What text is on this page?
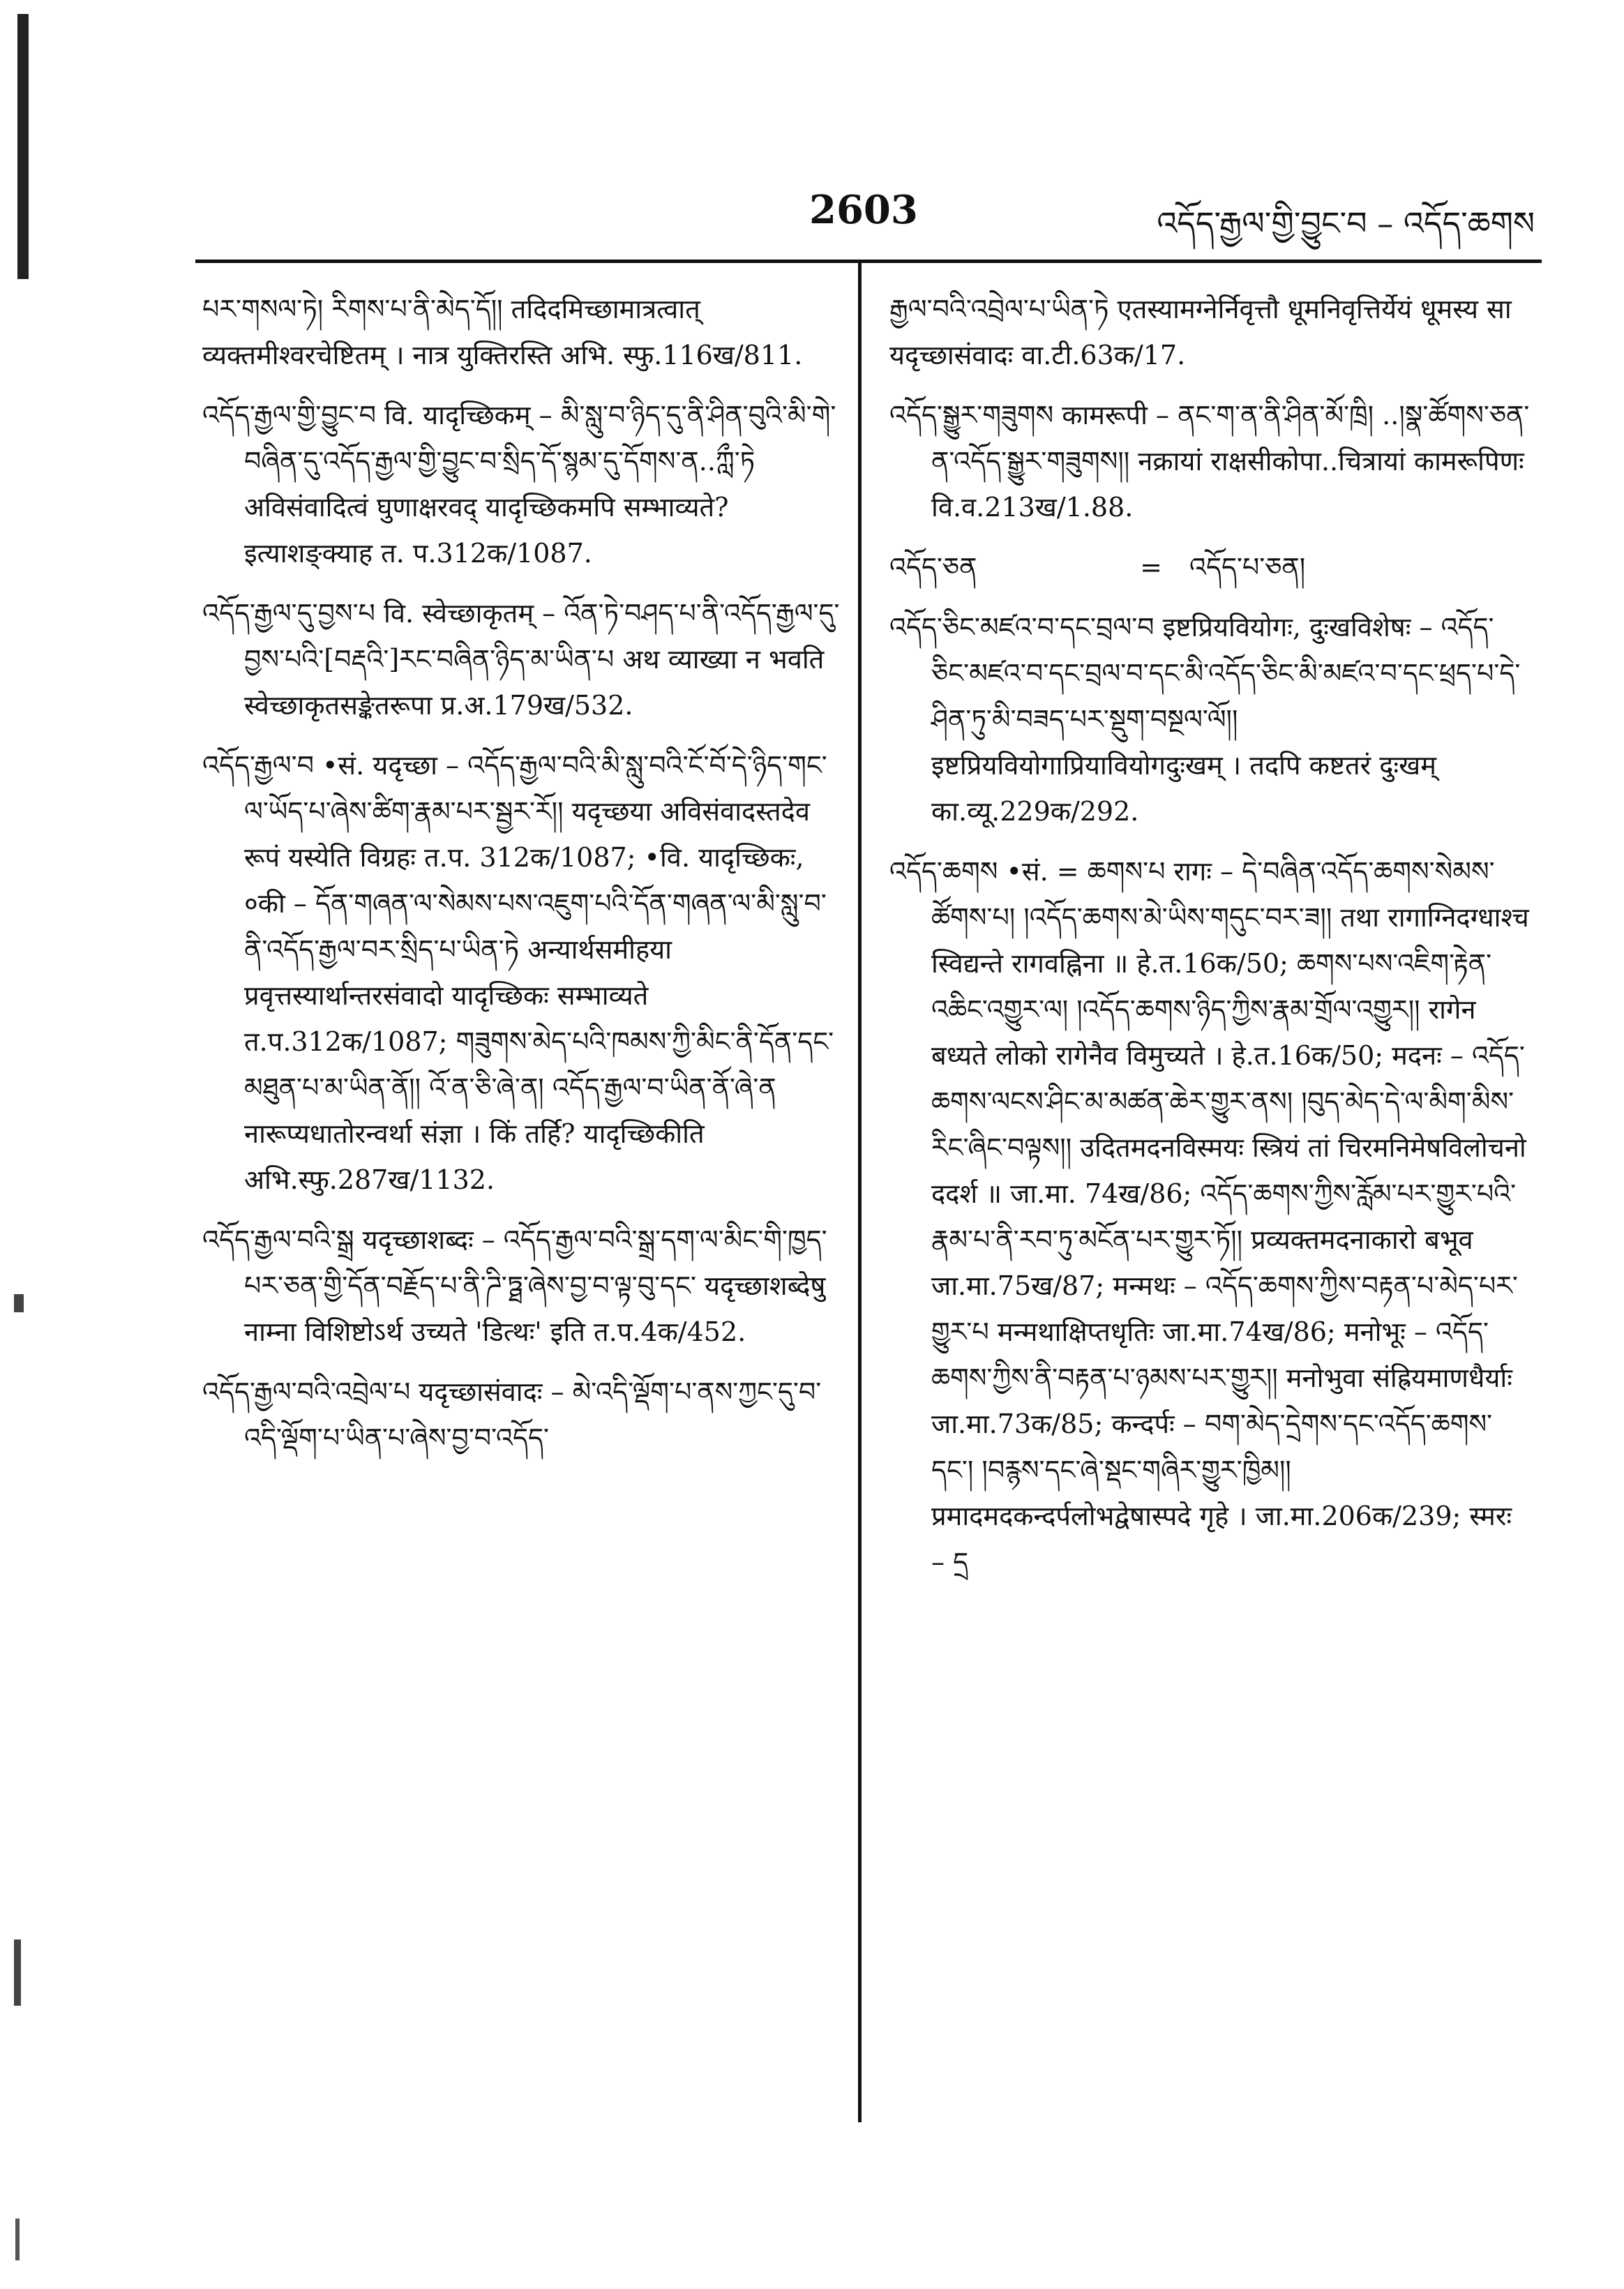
2603	འདོད་རྒྱལ་གྱི་བྱུང་བ – འདོད་ཆགས

པར་གསལ་ཏེ། རིགས་པ་ནི་མེད་དོ།། तदिदमिच्छामात्रत्वात् व्यक्तमीश्वरचेष्टितम् । नात्र युक्तिरस्ति अभि. स्फु.116ख/811.

འདོད་རྒྱལ་གྱི་བྱུང་བ वि. यादृच्छिकम् – མི་སླུ་བ་ཉིད་དུ་ནི་ཤིན་བུའི་མི་གེ་བཞིན་དུ་འདོད་རྒྱལ་གྱི་བྱུང་བ་སྲིད་དོ་སྙམ་དུ་དོགས་ན..ཀླྀ་ཏེ अविसंवादित्वं घुणाक्षरवद् यादृच्छिकमपि सम्भाव्यते? इत्याशङ्क्याह त. प.312क/1087.

འདོད་རྒྱལ་དུ་བྱས་པ वि. स्वेच्छाकृतम् – འོན་ཏེ་བཤད་པ་ནི་འདོད་རྒྱལ་དུ་བྱས་པའི་[བརྡའི་]རང་བཞིན་ཉིད་མ་ཡིན་པ अथ व्याख्या न भवति स्वेच्छाकृतसङ्केतरूपा प्र.अ.179ख/532.

འདོད་རྒྱལ་བ •सं. यदृच्छा – འདོད་རྒྱལ་བའི་མི་སླུ་བའི་ངོ་བོ་དེ་ཉིད་གང་ལ་ཡོད་པ་ཞེས་ཚིག་རྣམ་པར་སྦྱར་རོ།། यदृच्छया अविसंवादस्तदेव रूपं यस्येति विग्रहः त.प. 312क/1087; •वि. यादृच्छिकः, ०की – དོན་གཞན་ལ་སེམས་པས་འཇུག་པའི་དོན་གཞན་ལ་མི་སླུ་བ་ནི་འདོད་རྒྱལ་བར་སྲིད་པ་ཡིན་ཏེ अन्यार्थसमीहया प्रवृत्तस्यार्थान्तरसंवादो यादृच्छिकः सम्भाव्यते त.प.312क/1087; གཟུགས་མེད་པའི་ཁམས་ཀྱི་མིང་ནི་དོན་དང་མཐུན་པ་མ་ཡིན་ནོ།། འོ་ན་ཅི་ཞེ་ན། འདོད་རྒྱལ་བ་ཡིན་ནོ་ཞེ་ན नारूप्यधातोरन्वर्था संज्ञा । किं तर्हि? यादृच्छिकीति अभि.स्फु.287ख/1132.

འདོད་རྒྱལ་བའི་སྒྲ यदृच्छाशब्दः – འདོད་རྒྱལ་བའི་སྒྲ་དག་ལ་མིང་གི་ཁྱད་པར་ཅན་གྱི་དོན་བརྗོད་པ་ནི་ཌི་ཏྠ་ཞེས་བྱ་བ་ལྟ་བུ་དང་ यदृच्छाशब्देषु नाम्ना विशिष्टोऽर्थ उच्यते 'डित्थः' इति त.प.4क/452.

འདོད་རྒྱལ་བའི་འབྲེལ་པ यदृच्छासंवादः – མེ་འདི་ལྡོག་པ་ནས་ཀྱང་དུ་བ་འདི་ལྡོག་པ་ཡིན་པ་ཞེས་བྱ་བ་འདོད་

རྒྱལ་བའི་འབྲེལ་པ་ཡིན་ཏེ एतस्यामग्नेर्निवृत्तौ धूमनिवृत्तिर्येयं धूमस्य सा यदृच्छासंवादः वा.टी.63क/17.

འདོད་སྒྱུར་གཟུགས कामरूपी – ནང་ག་ན་ནི་ཤིན་མོ་ཁྲི། ..།སྣ་ཚོགས་ཅན་ན་འདོད་སྒྱུར་གཟུགས།། नक्रायां राक्षसीकोपा..चित्रायां कामरूपिणः वि.व.213ख/1.88.

འདོད་ཅན	= འདོད་པ་ཅན།

འདོད་ཅིང་མཛའ་བ་དང་བྲལ་བ इष्टप्रियवियोगः, दुःखविशेषः – འདོད་ཅིང་མཛའ་བ་དང་བྲལ་བ་དང་མི་འདོད་ཅིང་མི་མཛའ་བ་དང་ཕྲད་པ་དེ་ཤིན་ཏུ་མི་བཟད་པར་སྡུག་བསྔལ་ལོ།། इष्टप्रियवियोगाप्रियावियोगदुःखम् । तदपि कष्टतरं दुःखम् का.व्यू.229क/292.

འདོད་ཆགས •सं. = ཆགས་པ रागः – དེ་བཞིན་འདོད་ཆགས་སེམས་ཚོགས་པ། །འདོད་ཆགས་མེ་ཡིས་གདུང་བར་ཟ།། तथा रागाग्निदग्धाश्च स्विद्यन्ते रागवह्निना ॥ हे.त.16क/50; ཆགས་པས་འཇིག་རྟེན་འཆིང་འགྱུར་ལ། །འདོད་ཆགས་ཉིད་ཀྱིས་རྣམ་གྲོལ་འགྱུར།། रागेन बध्यते लोको रागेनैव विमुच्यते । हे.त.16क/50; मदनः – འདོད་ཆགས་ལངས་ཤིང་མ་མཚན་ཆེར་གྱུར་ནས། །བུད་མེད་དེ་ལ་མིག་མིས་རིང་ཞིང་བལྟས།། उदितमदनविस्मयः स्त्रियं तां चिरमनिमेषविलोचनो ददर्श ॥ जा.मा. 74ख/86; འདོད་ཆགས་ཀྱིས་རློམ་པར་གྱུར་པའི་རྣམ་པ་ནི་རབ་ཏུ་མངོན་པར་གྱུར་ཏོ།། प्रव्यक्तमदनाकारो बभूव जा.मा.75ख/87; मन्मथः – འདོད་ཆགས་ཀྱིས་བརྟན་པ་མེད་པར་གྱུར་པ मन्मथाक्षिप्तधृतिः जा.मा.74ख/86; मनोभूः – འདོད་ཆགས་ཀྱིས་ནི་བརྟན་པ་ཉམས་པར་གྱུར།། मनोभुवा संह्रियमाणधैर्याः जा.मा.73क/85; कन्दर्पः – བག་མེད་དྲེགས་དང་འདོད་ཆགས་དང་། །བརྙས་དང་ཞེ་སྡང་གཞིར་གྱུར་ཁྱིམ།། प्रमादमदकन्दर्पलोभद्वेषास्पदे गृहे । जा.मा.206क/239; स्मरः – དྲ
